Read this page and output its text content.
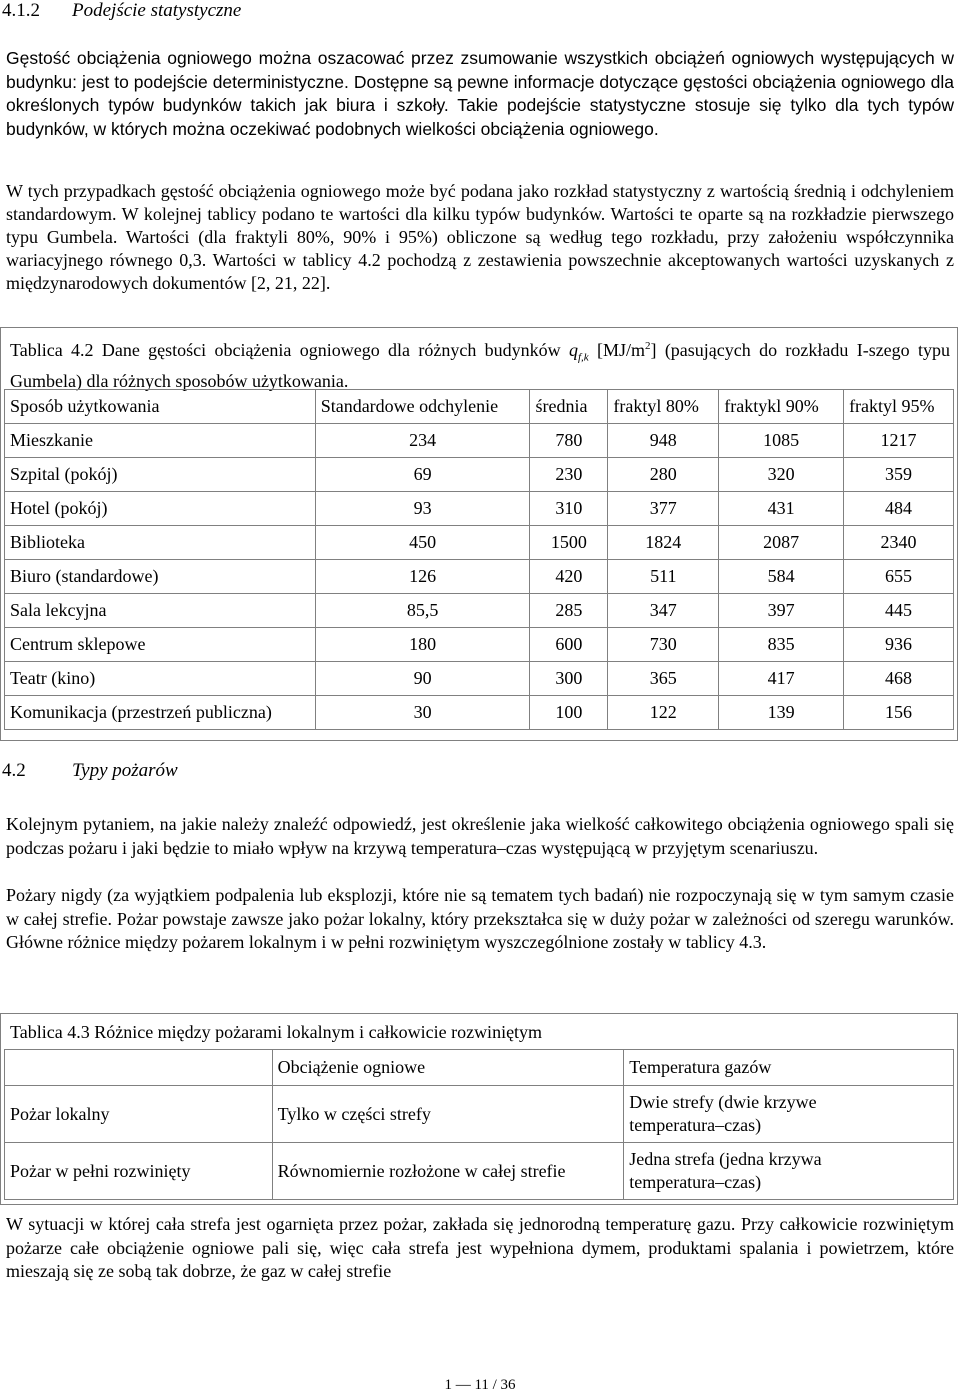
4.1.2 Podejście statystyczne

Gęstość obciążenia ogniowego można oszacować przez zsumowanie wszystkich obciążeń ogniowych występujących w budynku: jest to podejście deterministyczne. Dostępne są pewne informacje dotyczące gęstości obciążenia ogniowego dla określonych typów budynków takich jak biura i szkoły. Takie podejście statystyczne stosuje się tylko dla tych typów budynków, w których można oczekiwać podobnych wielkości obciążenia ogniowego.

W tych przypadkach gęstość obciążenia ogniowego może być podana jako rozkład statystyczny z wartością średnią i odchyleniem standardowym. W kolejnej tablicy podano te wartości dla kilku typów budynków. Wartości te oparte są na rozkładzie pierwszego typu Gumbela. Wartości (dla fraktyli 80%, 90% i 95%) obliczone są według tego rozkładu, przy założeniu współczynnika wariacyjnego równego 0,3. Wartości w tablicy 4.2 pochodzą z zestawienia powszechnie akceptowanych wartości uzyskanych z międzynarodowych dokumentów [2, 21, 22].

Tablica 4.2 Dane gęstości obciążenia ogniowego dla różnych budynków $q_{f,k}$ $[MJ/m^2]$ (pasujących do rozkładu I-szego typu Gumbela) dla różnych sposobów użytkowania.
Sposób użytkowania	Standardowe odchylenie	średnia	fraktyl 80%	fraktykl 90%	fraktyl 95%
Mieszkanie	234	780	948	1085	1217
Szpital (pokój)	69	230	280	320	359
Hotel (pokój)	93	310	377	431	484
Biblioteka	450	1500	1824	2087	2340
Biuro (standardowe)	126	420	511	584	655
Sala lekcyjna	85,5	285	347	397	445
Centrum sklepowe	180	600	730	835	936
Teatr (kino)	90	300	365	417	468
Komunikacja (przestrzeń publiczna)	30	100	122	139	156
4.2 Typy pożarów

Kolejnym pytaniem, na jakie należy znaleźć odpowiedź, jest określenie jaka wielkość całkowitego obciążenia ogniowego spali się podczas pożaru i jaki będzie to miało wpływ na krzywą temperatura–czas występującą w przyjętym scenariuszu.

Pożary nigdy (za wyjątkiem podpalenia lub eksplozji, które nie są tematem tych badań) nie rozpoczynają się w tym samym czasie w całej strefie. Pożar powstaje zawsze jako pożar lokalny, który przekształca się w duży pożar w zależności od szeregu warunków. Główne różnice między pożarem lokalnym i w pełni rozwiniętym wyszczególnione zostały w tablicy 4.3.

Tablica 4.3 Różnice między pożarami lokalnym i całkowicie rozwiniętym
	Obciążenie ogniowe	Temperatura gazów
Pożar lokalny	Tylko w części strefy	Dwie strefy (dwie krzywe temperatura–czas)
Pożar w pełni rozwinięty	Równomiernie rozłożone w całej strefie	Jedna strefa (jedna krzywa temperatura–czas)

W sytuacji w której cała strefa jest ogarnięta przez pożar, zakłada się jednorodną temperaturę gazu. Przy całkowicie rozwiniętym pożarze całe obciążenie ogniowe pali się, więc cała strefa jest wypełniona dymem, produktami spalania i powietrzem, które mieszają się ze sobą tak dobrze, że gaz w całej strefie

1 — 11 / 36
